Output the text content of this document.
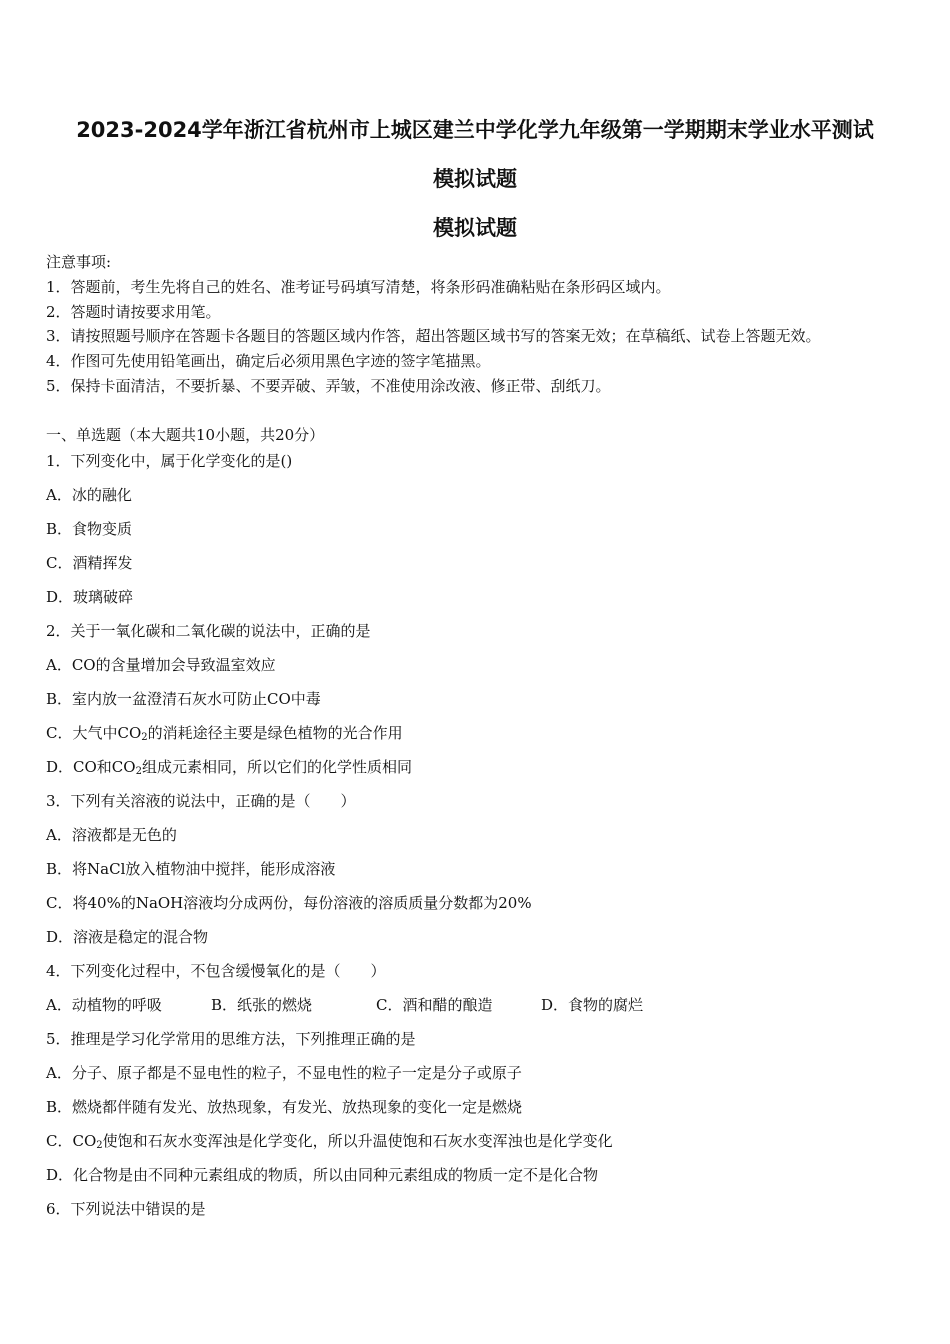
2023-2024学年浙江省杭州市上城区建兰中学化学九年级第一学期期末学业水平测试
模拟试题
模拟试题
注意事项:
1．答题前，考生先将自己的姓名、准考证号码填写清楚，将条形码准确粘贴在条形码区域内。
2．答题时请按要求用笔。
3．请按照题号顺序在答题卡各题目的答题区域内作答，超出答题区域书写的答案无效；在草稿纸、试卷上答题无效。
4．作图可先使用铅笔画出，确定后必须用黑色字迹的签字笔描黑。
5．保持卡面清洁，不要折暴、不要弄破、弄皱，不准使用涂改液、修正带、刮纸刀。
一、单选题（本大题共10小题，共20分）
1．下列变化中，属于化学变化的是()
A．冰的融化
B．食物变质
C．酒精挥发
D．玻璃破碎
2．关于一氧化碳和二氧化碳的说法中，正确的是
A．CO的含量增加会导致温室效应
B．室内放一盆澄清石灰水可防止CO中毒
C．大气中$CO_2$的消耗途径主要是绿色植物的光合作用
D．CO和$CO_2$组成元素相同，所以它们的化学性质相同
3．下列有关溶液的说法中，正确的是（　　）
A．溶液都是无色的
B．将NaCl放入植物油中搅拌，能形成溶液
C．将40%的NaOH溶液均分成两份，每份溶液的溶质质量分数都为20%
D．溶液是稳定的混合物
4．下列变化过程中，不包含缓慢氧化的是（　　）
A．动植物的呼吸	B．纸张的燃烧	C．酒和醋的酿造	D．食物的腐烂
5．推理是学习化学常用的思维方法，下列推理正确的是
A．分子、原子都是不显电性的粒子，不显电性的粒子一定是分子或原子
B．燃烧都伴随有发光、放热现象，有发光、放热现象的变化一定是燃烧
C．$CO_2$使饱和石灰水变浑浊是化学变化，所以升温使饱和石灰水变浑浊也是化学变化
D．化合物是由不同种元素组成的物质，所以由同种元素组成的物质一定不是化合物
6．下列说法中错误的是
